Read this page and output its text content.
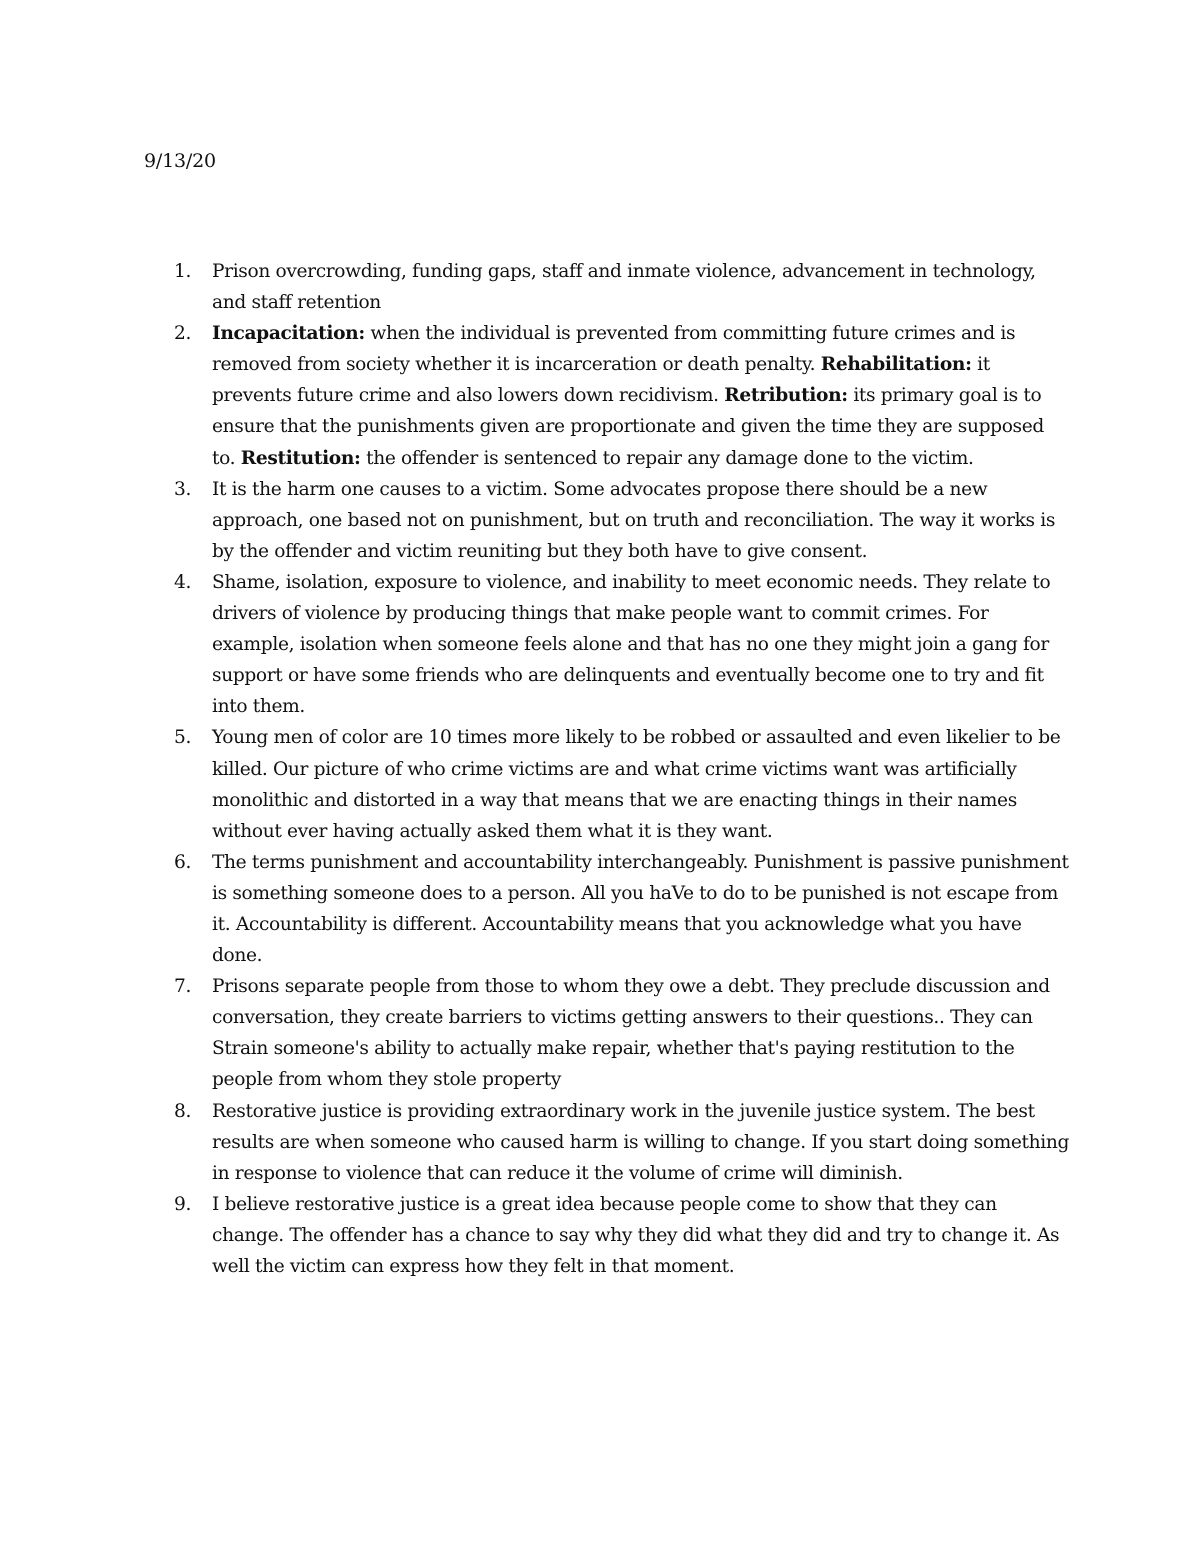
9/13/20
1.	Prison overcrowding, funding gaps, staff and inmate violence, advancement in technology, and staff retention
2.	Incapacitation: when the individual is prevented from committing future crimes and is removed from society whether it is incarceration or death penalty. Rehabilitation: it prevents future crime and also lowers down recidivism. Retribution: its primary goal is to ensure that the punishments given are proportionate and given the time they are supposed to. Restitution: the offender is sentenced to repair any damage done to the victim.
3.	It is the harm one causes to a victim. Some advocates propose there should be a new approach, one based not on punishment, but on truth and reconciliation. The way it works is by the offender and victim reuniting but they both have to give consent.
4.	Shame, isolation, exposure to violence, and inability to meet economic needs. They relate to drivers of violence by producing things that make people want to commit crimes. For example, isolation when someone feels alone and that has no one they might join a gang for support or have some friends who are delinquents and eventually become one to try and fit into them.
5.	Young men of color are 10 times more likely to be robbed or assaulted and even likelier to be killed. Our picture of who crime victims are and what crime victims want was artificially monolithic and distorted in a way that means that we are enacting things in their names without ever having actually asked them what it is they want.
6.	The terms punishment and accountability interchangeably. Punishment is passive punishment is something someone does to a person. All you haVe to do to be punished is not escape from it. Accountability is different. Accountability means that you acknowledge what you have done.
7.	Prisons separate people from those to whom they owe a debt. They preclude discussion and conversation, they create barriers to victims getting answers to their questions.. They can Strain someone's ability to actually make repair, whether that's paying restitution to the people from whom they stole property
8.	Restorative justice is providing extraordinary work in the juvenile justice system. The best results are when someone who caused harm is willing to change. If you start doing something in response to violence that can reduce it the volume of crime will diminish.
9.	I believe restorative justice is a great idea because people come to show that they can change. The offender has a chance to say why they did what they did and try to change it. As well the victim can express how they felt in that moment.
